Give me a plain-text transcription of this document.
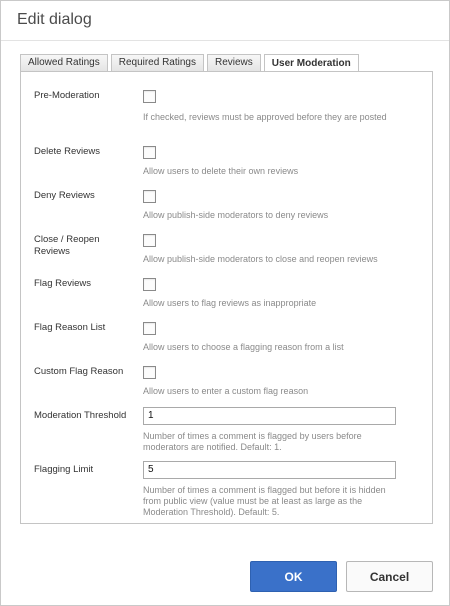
Edit dialog
Allowed Ratings	Required Ratings	Reviews	User Moderation
Pre-Moderation
If checked, reviews must be approved before they are posted
Delete Reviews
Allow users to delete their own reviews
Deny Reviews
Allow publish-side moderators to deny reviews
Close / Reopen Reviews
Allow publish-side moderators to close and reopen reviews
Flag Reviews
Allow users to flag reviews as inappropriate
Flag Reason List
Allow users to choose a flagging reason from a list
Custom Flag Reason
Allow users to enter a custom flag reason
Moderation Threshold	1
Number of times a comment is flagged by users before moderators are notified. Default: 1.
Flagging Limit	5
Number of times a comment is flagged but before it is hidden from public view (value must be at least as large as the Moderation Threshold). Default: 5.
OK	Cancel
